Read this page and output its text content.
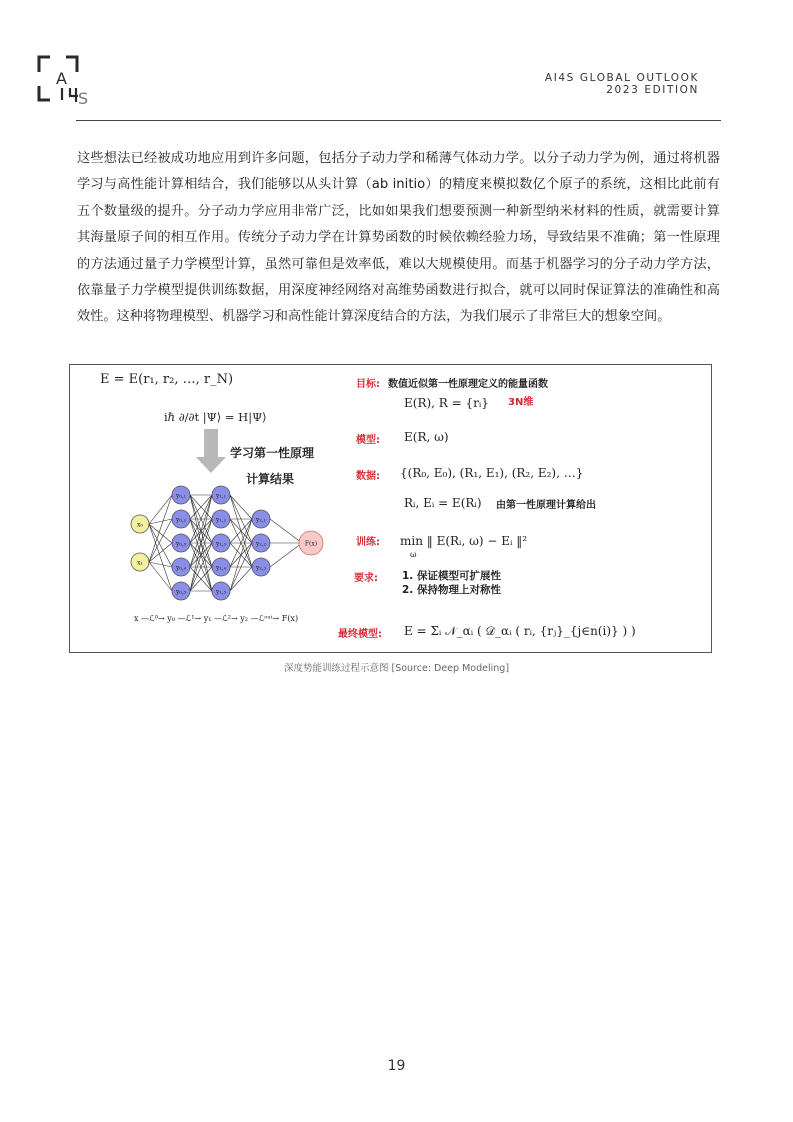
A
S
AI4S GLOBAL OUTLOOK
2023 EDITION
这些想法已经被成功地应用到许多问题，包括分子动力学和稀薄气体动力学。以分子动力学为例，通过将机器学习与高性能计算相结合，我们能够以从头计算（ab initio）的精度来模拟数亿个原子的系统，这相比此前有五个数量级的提升。分子动力学应用非常广泛，比如如果我们想要预测一种新型纳米材料的性质，就需要计算其海量原子间的相互作用。传统分子动力学在计算势函数的时候依赖经验力场，导致结果不准确；第一性原理的方法通过量子力学模型计算，虽然可靠但是效率低，难以大规模使用。而基于机器学习的分子动力学方法，依靠量子力学模型提供训练数据，用深度神经网络对高维势函数进行拟合，就可以同时保证算法的准确性和高效性。这种将物理模型、机器学习和高性能计算深度结合的方法，为我们展示了非常巨大的想象空间。
E = E(r₁, r₂, …, r_N)
iℏ ∂/∂t |Ψ⟩ = H|Ψ⟩
学习第一性原理
计算结果
x₀
x₁
y₀,₁
y₀,₂
y₀,₃
y₀,₄
y₀,₅
y₁,₁
y₁,₂
y₁,₃
y₁,₄
y₁,₅
y₂,₁
y₂,₂
y₂,₃
F(x)
x —ℒ⁰→ y₀ —ℒ¹→ y₁ —ℒ²→ y₂ —ℒᵒᵘᵗ→ F(x)
目标: 数值近似第一性原理定义的能量函数
E(R), R = {rᵢ} 3N维
模型: E(R, ω)
数据: {(R₀, E₀), (R₁, E₁), (R₂, E₂), …}
Rᵢ, Eᵢ = E(Rᵢ) 由第一性原理计算给出
训练: min ‖ E(Rᵢ, ω) − Eᵢ ‖²
ω
要求: 1. 保证模型可扩展性
2. 保持物理上对称性
最终模型: E = Σᵢ 𝒩_αᵢ ( 𝒟_αᵢ ( rᵢ, {rⱼ}_{j∈n(i)} ) )
深度势能训练过程示意图 [Source: Deep Modeling]
19
